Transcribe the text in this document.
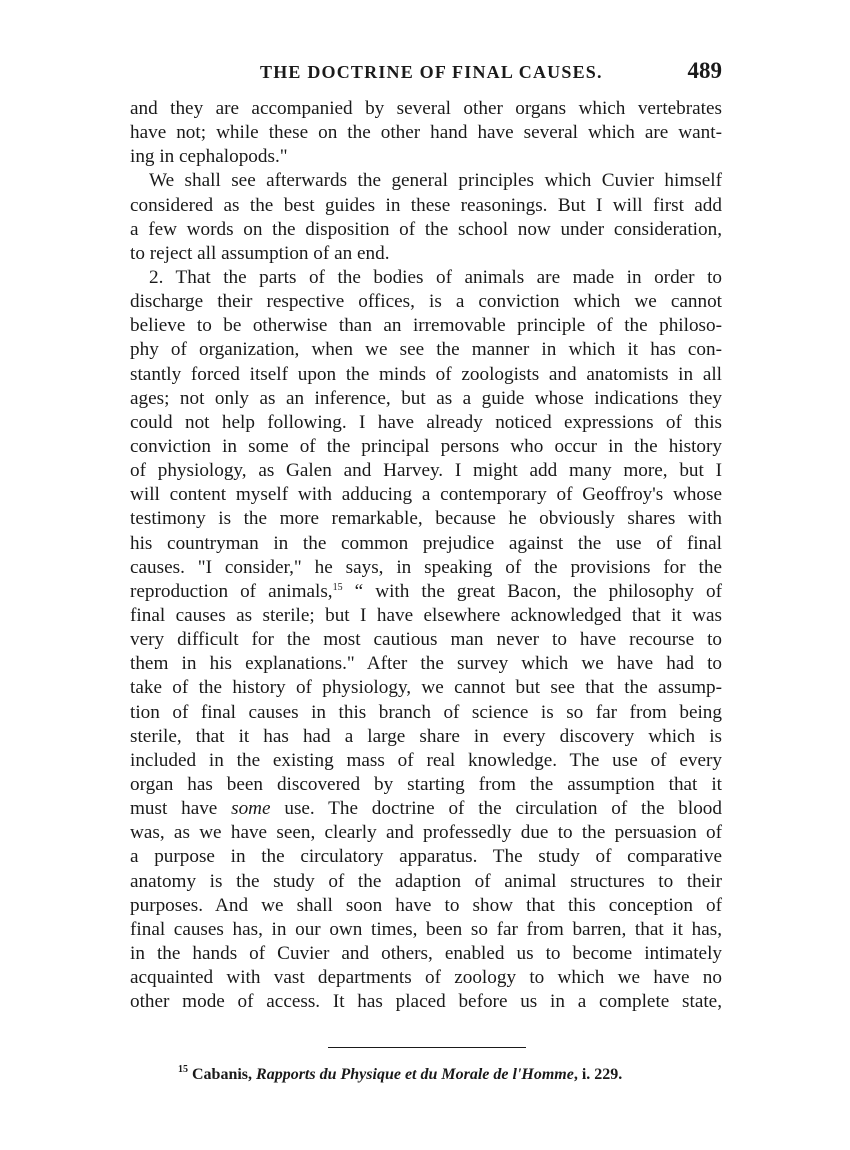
THE DOCTRINE OF FINAL CAUSES.	489
and they are accompanied by several other organs which vertebrates
have not; while these on the other hand have several which are want-
ing in cephalopods."
We shall see afterwards the general principles which Cuvier himself
considered as the best guides in these reasonings. But I will first add
a few words on the disposition of the school now under consideration,
to reject all assumption of an end.
2. That the parts of the bodies of animals are made in order to
discharge their respective offices, is a conviction which we cannot
believe to be otherwise than an irremovable principle of the philoso-
phy of organization, when we see the manner in which it has con-
stantly forced itself upon the minds of zoologists and anatomists in all
ages; not only as an inference, but as a guide whose indications they
could not help following. I have already noticed expressions of this
conviction in some of the principal persons who occur in the history
of physiology, as Galen and Harvey. I might add many more, but I
will content myself with adducing a contemporary of Geoffroy's whose
testimony is the more remarkable, because he obviously shares with
his countryman in the common prejudice against the use of final
causes. "I consider," he says, in speaking of the provisions for the
reproduction of animals,$^{15}$ “ with the great Bacon, the philosophy of
final causes as sterile; but I have elsewhere acknowledged that it was
very difficult for the most cautious man never to have recourse to
them in his explanations." After the survey which we have had to
take of the history of physiology, we cannot but see that the assump-
tion of final causes in this branch of science is so far from being
sterile, that it has had a large share in every discovery which is
included in the existing mass of real knowledge. The use of every
organ has been discovered by starting from the assumption that it
must have some use. The doctrine of the circulation of the blood
was, as we have seen, clearly and professedly due to the persuasion of
a purpose in the circulatory apparatus. The study of comparative
anatomy is the study of the adaption of animal structures to their
purposes. And we shall soon have to show that this conception of
final causes has, in our own times, been so far from barren, that it has,
in the hands of Cuvier and others, enabled us to become intimately
acquainted with vast departments of zoology to which we have no
other mode of access. It has placed before us in a complete state,
$^{15}$ Cabanis, Rapports du Physique et du Morale de l'Homme, i. 229.
